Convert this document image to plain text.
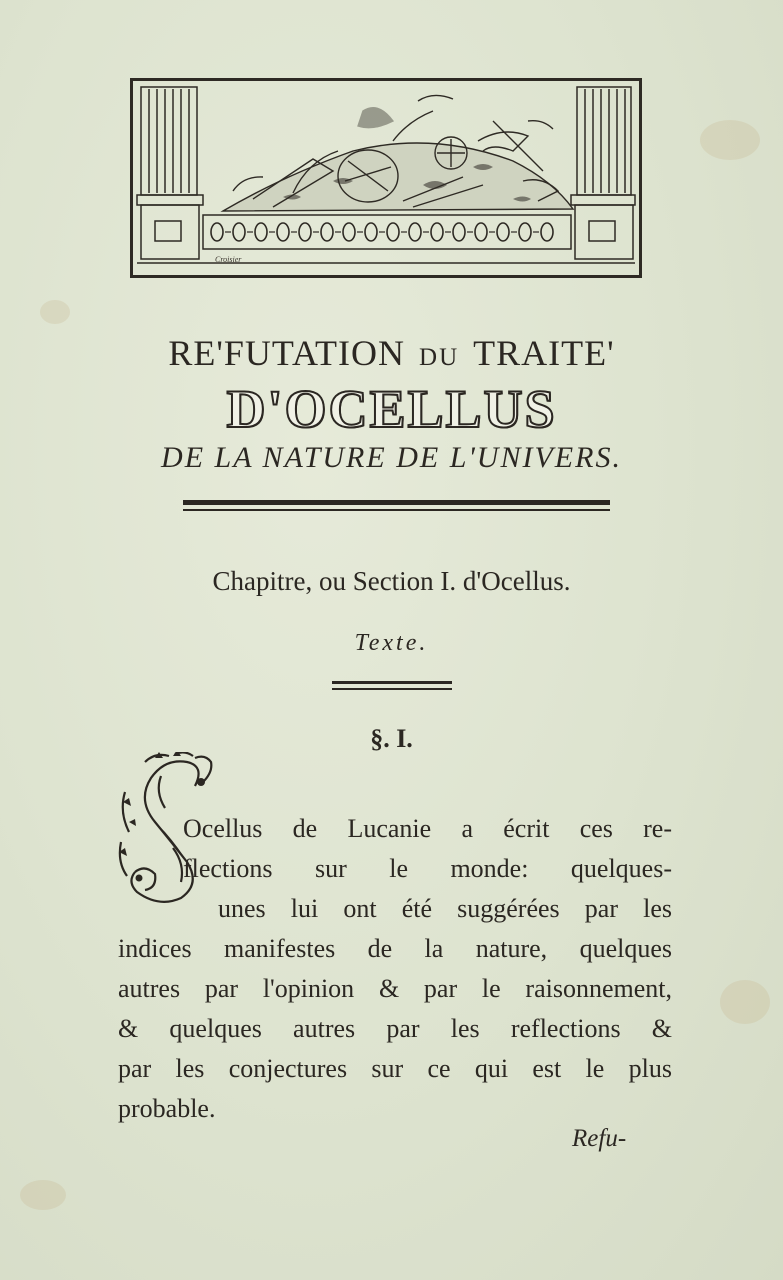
Croisier
RE'FUTATION DU TRAITE'
D'OCELLUS
DE LA NATURE DE L'UNIVERS.
Chapitre, ou Section I. d'Ocellus.
Texte.
§. I.
Ocellus de Lucanie a écrit ces re-
flections sur le monde: quelques-
unes lui ont été suggérées par les
indices manifestes de la nature, quelques
autres par l'opinion & par le raisonnement,
& quelques autres par les reflections &
par les conjectures sur ce qui est le plus
probable.
Refu-
